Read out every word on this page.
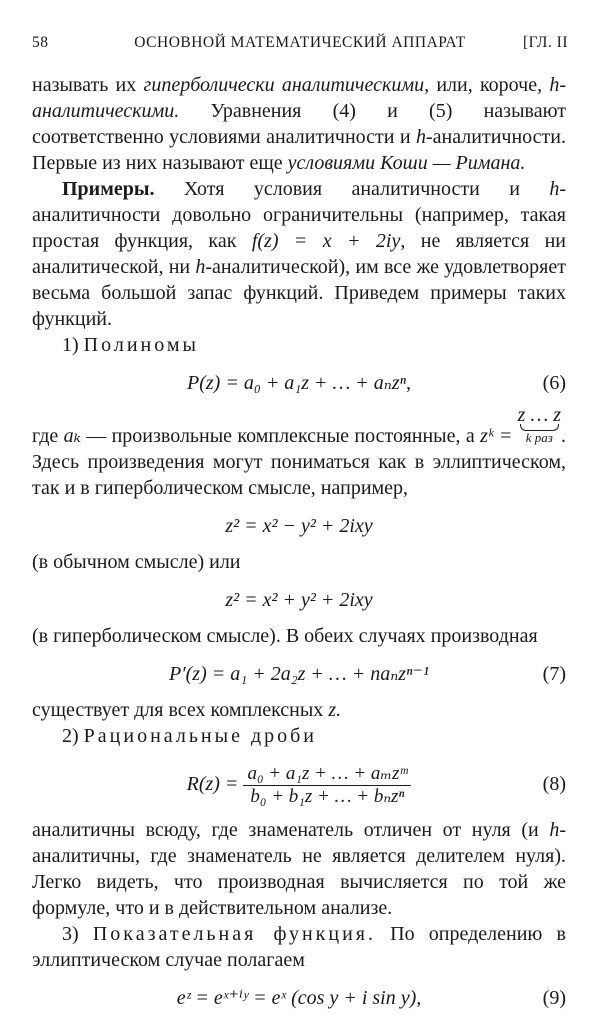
58	ОСНОВНОЙ МАТЕМАТИЧЕСКИЙ АППАРАТ	[ГЛ. II

называть их гиперболически аналитическими, или, короче, h-аналитическими. Уравнения (4) и (5) называют соответственно условиями аналитичности и h-аналитичности. Первые из них называют еще условиями Коши — Римана.

Примеры. Хотя условия аналитичности и h-аналитичности довольно ограничительны (например, такая простая функция, как f(z) = x + 2iy, не является ни аналитической, ни h-аналитической), им все же удовлетворяет весьма большой запас функций. Приведем примеры таких функций.

1) Полиномы

P(z) = a₀ + a₁z + … + aₙzⁿ,	(6)

где aₖ — произвольные комплексные постоянные, а zᵏ = z … z
k раз . Здесь произведения могут пониматься как в эллиптическом, так и в гиперболическом смысле, например,

z² = x² − y² + 2ixy

(в обычном смысле) или

z² = x² + y² + 2ixy

(в гиперболическом смысле). В обеих случаях производная

P′(z) = a₁ + 2a₂z + … + naₙzⁿ⁻¹	(7)

существует для всех комплексных z.

2) Рациональные дроби

$R(z) = \frac{\text{a₀ + a₁z + … + aₘzᵐ}}{\text{b₀ + b₁z + … + bₙzⁿ}}$	(8)

аналитичны всюду, где знаменатель отличен от нуля (и h-аналитичны, где знаменатель не является делителем нуля). Легко видеть, что производная вычисляется по той же формуле, что и в действительном анализе.

3) Показательная функция. По определению в эллиптическом случае полагаем

eᶻ = eˣ⁺ⁱʸ = eˣ (cos y + i sin y),	(9)
